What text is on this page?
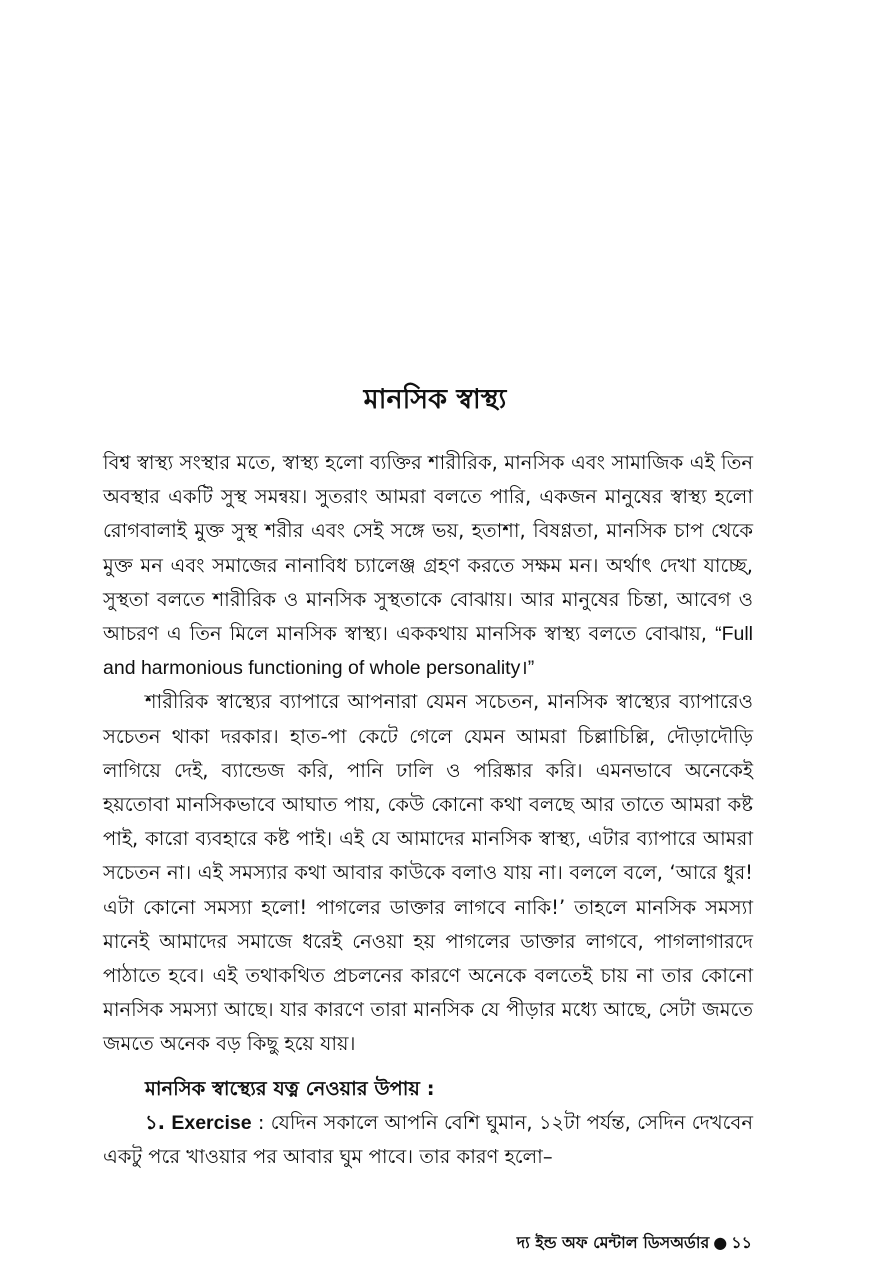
মানসিক স্বাস্থ্য

বিশ্ব স্বাস্থ্য সংস্থার মতে, স্বাস্থ্য হলো ব্যক্তির শারীরিক, মানসিক এবং সামাজিক এই তিন অবস্থার একটি সুস্থ সমন্বয়। সুতরাং আমরা বলতে পারি, একজন মানুষের স্বাস্থ্য হলো রোগবালাই মুক্ত সুস্থ শরীর এবং সেই সঙ্গে ভয়, হতাশা, বিষণ্ণতা, মানসিক চাপ থেকে মুক্ত মন এবং সমাজের নানাবিধ চ্যালেঞ্জ গ্রহণ করতে সক্ষম মন। অর্থাৎ দেখা যাচ্ছে, সুস্থতা বলতে শারীরিক ও মানসিক সুস্থতাকে বোঝায়। আর মানুষের চিন্তা, আবেগ ও আচরণ এ তিন মিলে মানসিক স্বাস্থ্য। এককথায় মানসিক স্বাস্থ্য বলতে বোঝায়, “Full and harmonious functioning of whole personality।”

শারীরিক স্বাস্থ্যের ব্যাপারে আপনারা যেমন সচেতন, মানসিক স্বাস্থ্যের ব্যাপারেও সচেতন থাকা দরকার। হাত-পা কেটে গেলে যেমন আমরা চিল্লাচিল্লি, দৌড়াদৌড়ি লাগিয়ে দেই, ব্যান্ডেজ করি, পানি ঢালি ও পরিষ্কার করি। এমনভাবে অনেকেই হয়তোবা মানসিকভাবে আঘাত পায়, কেউ কোনো কথা বলছে আর তাতে আমরা কষ্ট পাই, কারো ব্যবহারে কষ্ট পাই। এই যে আমাদের মানসিক স্বাস্থ্য, এটার ব্যাপারে আমরা সচেতন না। এই সমস্যার কথা আবার কাউকে বলাও যায় না। বললে বলে, ‘আরে ধুর! এটা কোনো সমস্যা হলো! পাগলের ডাক্তার লাগবে নাকি!’ তাহলে মানসিক সমস্যা মানেই আমাদের সমাজে ধরেই নেওয়া হয় পাগলের ডাক্তার লাগবে, পাগলাগারদে পাঠাতে হবে। এই তথাকথিত প্রচলনের কারণে অনেকে বলতেই চায় না তার কোনো মানসিক সমস্যা আছে। যার কারণে তারা মানসিক যে পীড়ার মধ্যে আছে, সেটা জমতে জমতে অনেক বড় কিছু হয়ে যায়।

মানসিক স্বাস্থ্যের যত্ন নেওয়ার উপায় :

১. Exercise : যেদিন সকালে আপনি বেশি ঘুমান, ১২টা পর্যন্ত, সেদিন দেখবেন একটু পরে খাওয়ার পর আবার ঘুম পাবে। তার কারণ হলো–

দ্য ইন্ড অফ মেন্টাল ডিসঅর্ডার ● ১১
